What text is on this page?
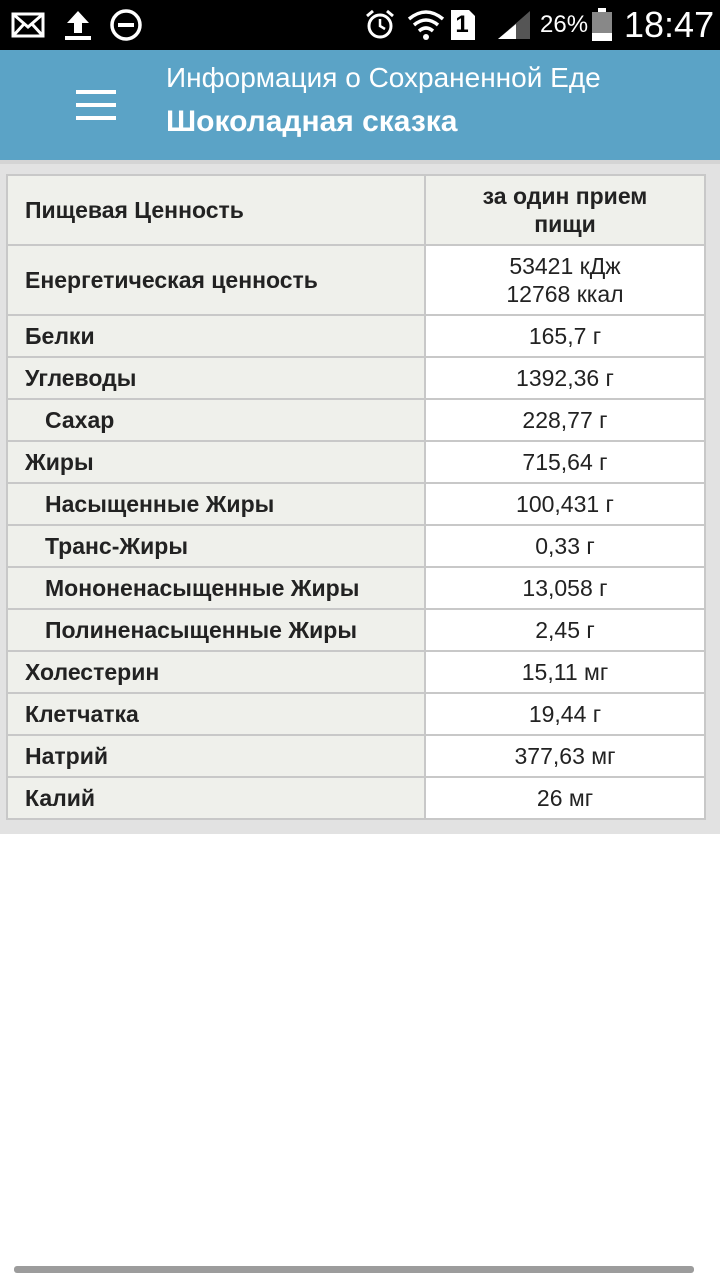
1	26% 18:47
Информация о Сохраненной Еде
Шоколадная сказка
Пищевая Ценность	за один прием
пищи
Енергетическая ценность	53421 кДж
12768 ккал

Белки	165,7 г
Углеводы	1392,36 г
Сахар	228,77 г
Жиры	715,64 г
Насыщенные Жиры	100,431 г
Транс-Жиры	0,33 г
Мононенасыщенные Жиры	13,058 г
Полиненасыщенные Жиры	2,45 г
Холестерин	15,11 мг
Клетчатка	19,44 г
Натрий	377,63 мг
Калий	26 мг
